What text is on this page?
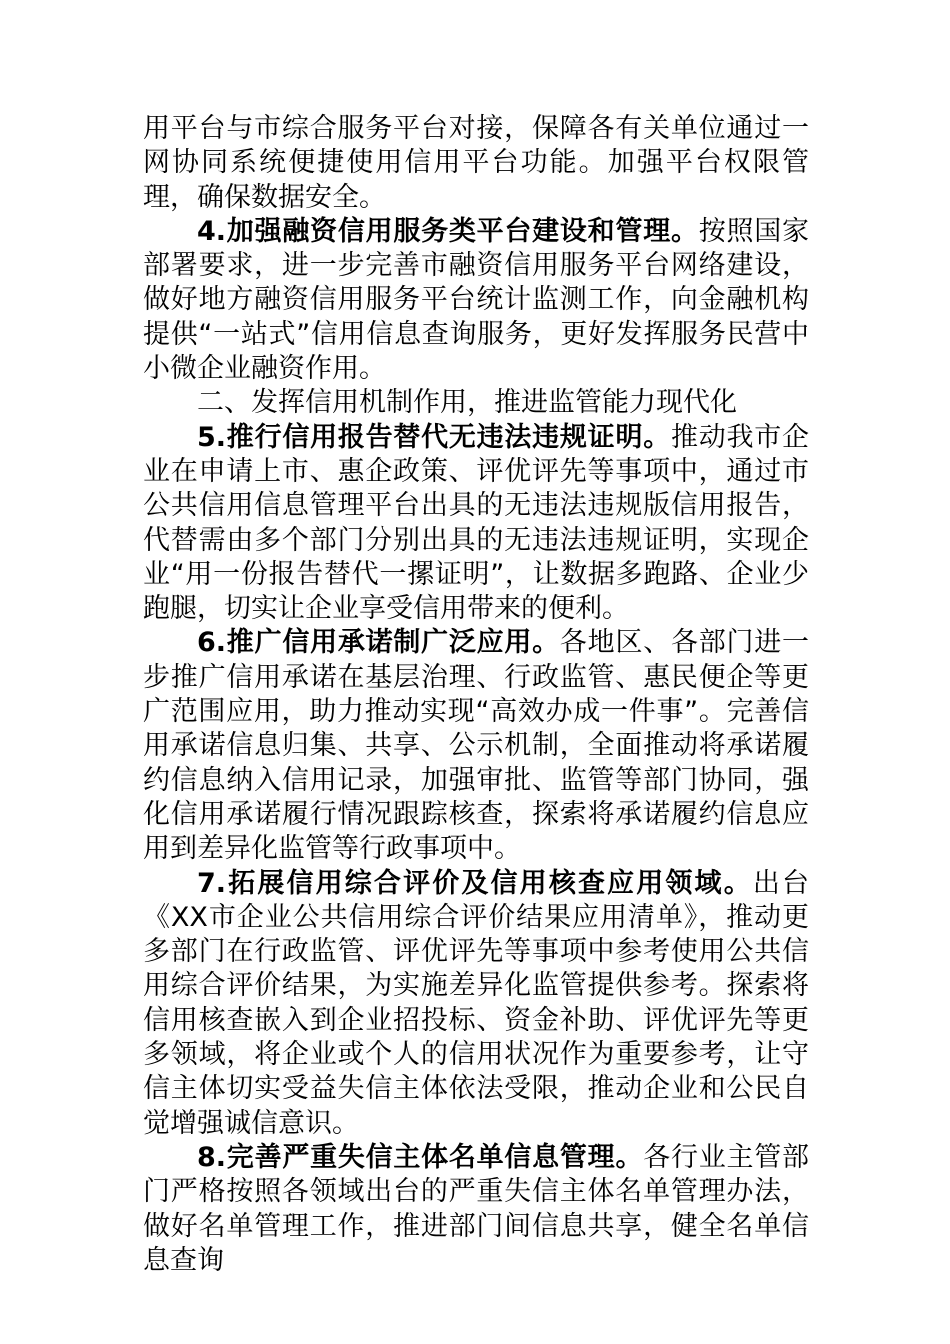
用平台与市综合服务平台对接，保障各有关单位通过一网协同系统便捷使用信用平台功能。加强平台权限管理，确保数据安全。

4.加强融资信用服务类平台建设和管理。按照国家部署要求，进一步完善市融资信用服务平台网络建设，做好地方融资信用服务平台统计监测工作，向金融机构提供“一站式”信用信息查询服务，更好发挥服务民营中小微企业融资作用。

二、发挥信用机制作用，推进监管能力现代化

5.推行信用报告替代无违法违规证明。推动我市企业在申请上市、惠企政策、评优评先等事项中，通过市公共信用信息管理平台出具的无违法违规版信用报告，代替需由多个部门分别出具的无违法违规证明，实现企业“用一份报告替代一摞证明”，让数据多跑路、企业少跑腿，切实让企业享受信用带来的便利。

6.推广信用承诺制广泛应用。各地区、各部门进一步推广信用承诺在基层治理、行政监管、惠民便企等更广范围应用，助力推动实现“高效办成一件事”。完善信用承诺信息归集、共享、公示机制，全面推动将承诺履约信息纳入信用记录，加强审批、监管等部门协同，强化信用承诺履行情况跟踪核查，探索将承诺履约信息应用到差异化监管等行政事项中。

7.拓展信用综合评价及信用核查应用领域。出台《XX市企业公共信用综合评价结果应用清单》，推动更多部门在行政监管、评优评先等事项中参考使用公共信用综合评价结果，为实施差异化监管提供参考。探索将信用核查嵌入到企业招投标、资金补助、评优评先等更多领域，将企业或个人的信用状况作为重要参考，让守信主体切实受益失信主体依法受限，推动企业和公民自觉增强诚信意识。

8.完善严重失信主体名单信息管理。各行业主管部门严格按照各领域出台的严重失信主体名单管理办法，做好名单管理工作，推进部门间信息共享，健全名单信息查询
